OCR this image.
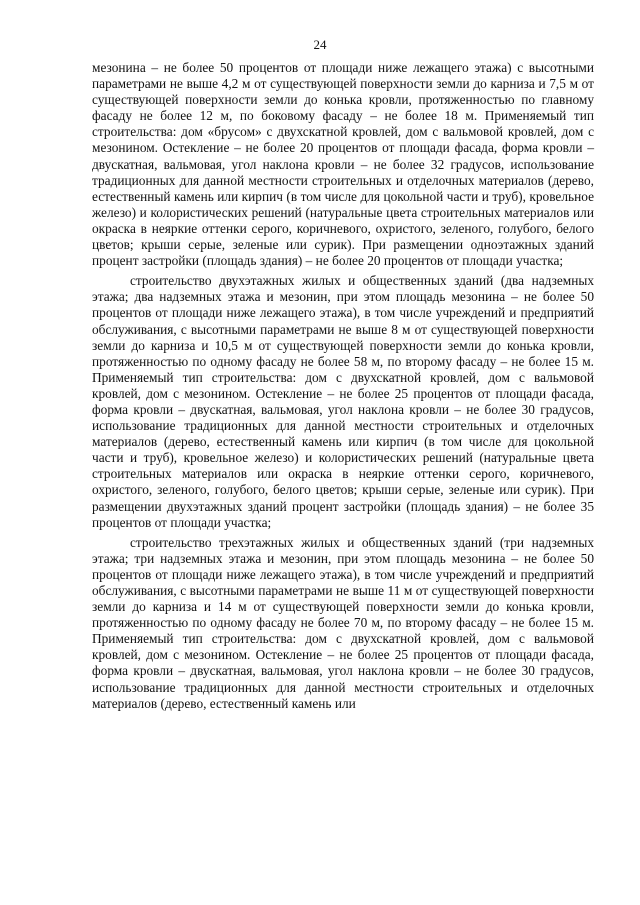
24

мезонина – не более 50 процентов от площади ниже лежащего этажа) с высотными параметрами не выше 4,2 м от существующей поверхности земли до карниза и 7,5 м от существующей поверхности земли до конька кровли, протяженностью по главному фасаду не более 12 м, по боковому фасаду – не более 18 м. Применяемый тип строительства: дом «брусом» с двухскатной кровлей, дом с вальмовой кровлей, дом с мезонином. Остекление – не более 20 процентов от площади фасада, форма кровли – двускатная, вальмовая, угол наклона кровли – не более 32 градусов, использование традиционных для данной местности строительных и отделочных материалов (дерево, естественный камень или кирпич (в том числе для цокольной части и труб), кровельное железо) и колористических решений (натуральные цвета строительных материалов или окраска в неяркие оттенки серого, коричневого, охристого, зеленого, голубого, белого цветов; крыши серые, зеленые или сурик). При размещении одноэтажных зданий процент застройки (площадь здания) – не более 20 процентов от площади участка;

строительство двухэтажных жилых и общественных зданий (два надземных этажа; два надземных этажа и мезонин, при этом площадь мезонина – не более 50 процентов от площади ниже лежащего этажа), в том числе учреждений и предприятий обслуживания, с высотными параметрами не выше 8 м от существующей поверхности земли до карниза и 10,5 м от существующей поверхности земли до конька кровли, протяженностью по одному фасаду не более 58 м, по второму фасаду – не более 15 м. Применяемый тип строительства: дом с двухскатной кровлей, дом с вальмовой кровлей, дом с мезонином. Остекление – не более 25 процентов от площади фасада, форма кровли – двускатная, вальмовая, угол наклона кровли – не более 30 градусов, использование традиционных для данной местности строительных и отделочных материалов (дерево, естественный камень или кирпич (в том числе для цокольной части и труб), кровельное железо) и колористических решений (натуральные цвета строительных материалов или окраска в неяркие оттенки серого, коричневого, охристого, зеленого, голубого, белого цветов; крыши серые, зеленые или сурик). При размещении двухэтажных зданий процент застройки (площадь здания) – не более 35 процентов от площади участка;

строительство трехэтажных жилых и общественных зданий (три надземных этажа; три надземных этажа и мезонин, при этом площадь мезонина – не более 50 процентов от площади ниже лежащего этажа), в том числе учреждений и предприятий обслуживания, с высотными параметрами не выше 11 м от существующей поверхности земли до карниза и 14 м от существующей поверхности земли до конька кровли, протяженностью по одному фасаду не более 70 м, по второму фасаду – не более 15 м. Применяемый тип строительства: дом с двухскатной кровлей, дом с вальмовой кровлей, дом с мезонином. Остекление – не более 25 процентов от площади фасада, форма кровли – двускатная, вальмовая, угол наклона кровли – не более 30 градусов, использование традиционных для данной местности строительных и отделочных материалов (дерево, естественный камень или
